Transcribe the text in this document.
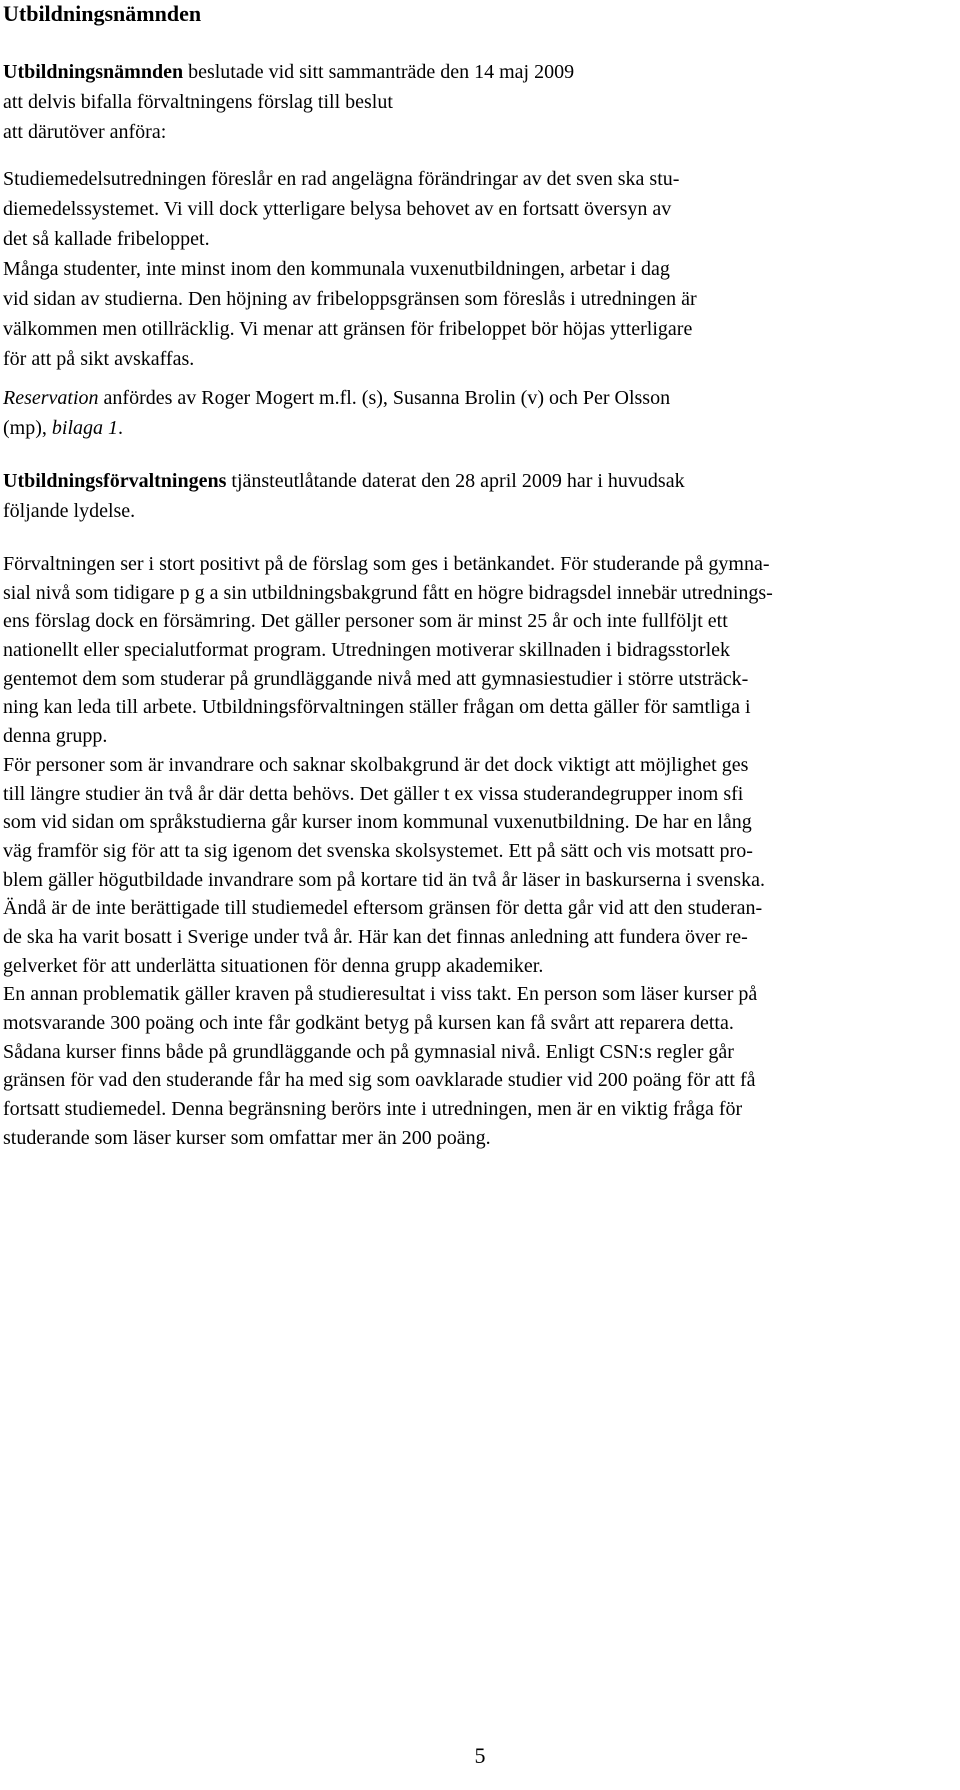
Utbildningsnämnden
Utbildningsnämnden beslutade vid sitt sammanträde den 14 maj 2009
att delvis bifalla förvaltningens förslag till beslut
att därutöver anföra:
Studiemedelsutredningen föreslår en rad angelägna förändringar av det sven ska stu-
diemedelssystemet. Vi vill dock ytterligare belysa behovet av en fortsatt översyn av
det så kallade fribeloppet.
Många studenter, inte minst inom den kommunala vuxenutbildningen, arbetar i dag
vid sidan av studierna. Den höjning av fribeloppsgränsen som föreslås i utredningen är
välkommen men otillräcklig. Vi menar att gränsen för fribeloppet bör höjas ytterligare
för att på sikt avskaffas.
Reservation anfördes av Roger Mogert m.fl. (s), Susanna Brolin (v) och Per Olsson
(mp), bilaga 1.
Utbildningsförvaltningens tjänsteutlåtande daterat den 28 april 2009 har i huvudsak
följande lydelse.
Förvaltningen ser i stort positivt på de förslag som ges i betänkandet. För studerande på gymna-
sial nivå som tidigare p g a sin utbildningsbakgrund fått en högre bidragsdel innebär utrednings-
ens förslag dock en försämring. Det gäller personer som är minst 25 år och inte fullföljt ett
nationellt eller specialutformat program. Utredningen motiverar skillnaden i bidragsstorlek
gentemot dem som studerar på grundläggande nivå med att gymnasiestudier i större utsträck-
ning kan leda till arbete. Utbildningsförvaltningen ställer frågan om detta gäller för samtliga i
denna grupp.
För personer som är invandrare och saknar skolbakgrund är det dock viktigt att möjlighet ges
till längre studier än två år där detta behövs. Det gäller t ex vissa studerandegrupper inom sfi
som vid sidan om språkstudierna går kurser inom kommunal vuxenutbildning. De har en lång
väg framför sig för att ta sig igenom det svenska skolsystemet. Ett på sätt och vis motsatt pro-
blem gäller högutbildade invandrare som på kortare tid än två år läser in baskurserna i svenska.
Ändå är de inte berättigade till studiemedel eftersom gränsen för detta går vid att den studeran-
de ska ha varit bosatt i Sverige under två år. Här kan det finnas anledning att fundera över re-
gelverket för att underlätta situationen för denna grupp akademiker.
En annan problematik gäller kraven på studieresultat i viss takt. En person som läser kurser på
motsvarande 300 poäng och inte får godkänt betyg på kursen kan få svårt att reparera detta.
Sådana kurser finns både på grundläggande och på gymnasial nivå. Enligt CSN:s regler går
gränsen för vad den studerande får ha med sig som oavklarade studier vid 200 poäng för att få
fortsatt studiemedel. Denna begränsning berörs inte i utredningen, men är en viktig fråga för
studerande som läser kurser som omfattar mer än 200 poäng.
5
